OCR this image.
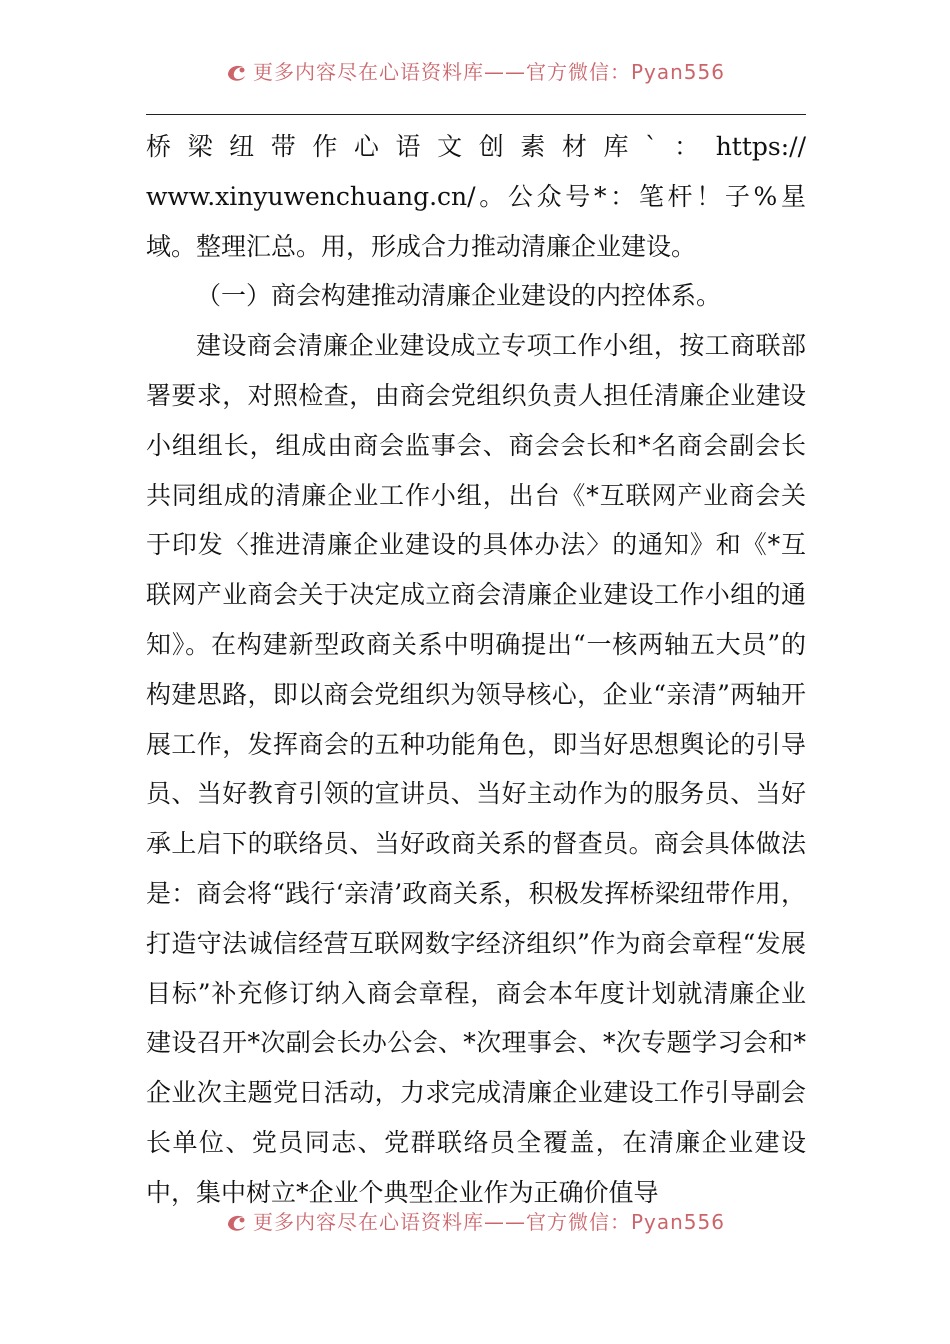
更多内容尽在心语资料库——官方微信：Pyan556

桥梁纽带作心语文创素材库`：https://
www.xinyuwenchuang.cn/。公众号*：笔杆！子%星域。整理汇总。用，形成合力推动清廉企业建设。

（一）商会构建推动清廉企业建设的内控体系。

建设商会清廉企业建设成立专项工作小组，按工商联部署要求，对照检查，由商会党组织负责人担任清廉企业建设小组组长，组成由商会监事会、商会会长和*名商会副会长共同组成的清廉企业工作小组，出台《*互联网产业商会关于印发〈推进清廉企业建设的具体办法〉的通知》和《*互联网产业商会关于决定成立商会清廉企业建设工作小组的通知》。在构建新型政商关系中明确提出“一核两轴五大员”的构建思路，即以商会党组织为领导核心，企业“亲清”两轴开展工作，发挥商会的五种功能角色，即当好思想舆论的引导员、当好教育引领的宣讲员、当好主动作为的服务员、当好承上启下的联络员、当好政商关系的督查员。商会具体做法是：商会将“践行‘亲清’政商关系，积极发挥桥梁纽带作用，打造守法诚信经营互联网数字经济组织”作为商会章程“发展目标”补充修订纳入商会章程，商会本年度计划就清廉企业建设召开*次副会长办公会、*次理事会、*次专题学习会和*企业次主题党日活动，力求完成清廉企业建设工作引导副会长单位、党员同志、党群联络员全覆盖，在清廉企业建设中，集中树立*企业个典型企业作为正确价值导

更多内容尽在心语资料库——官方微信：Pyan556
